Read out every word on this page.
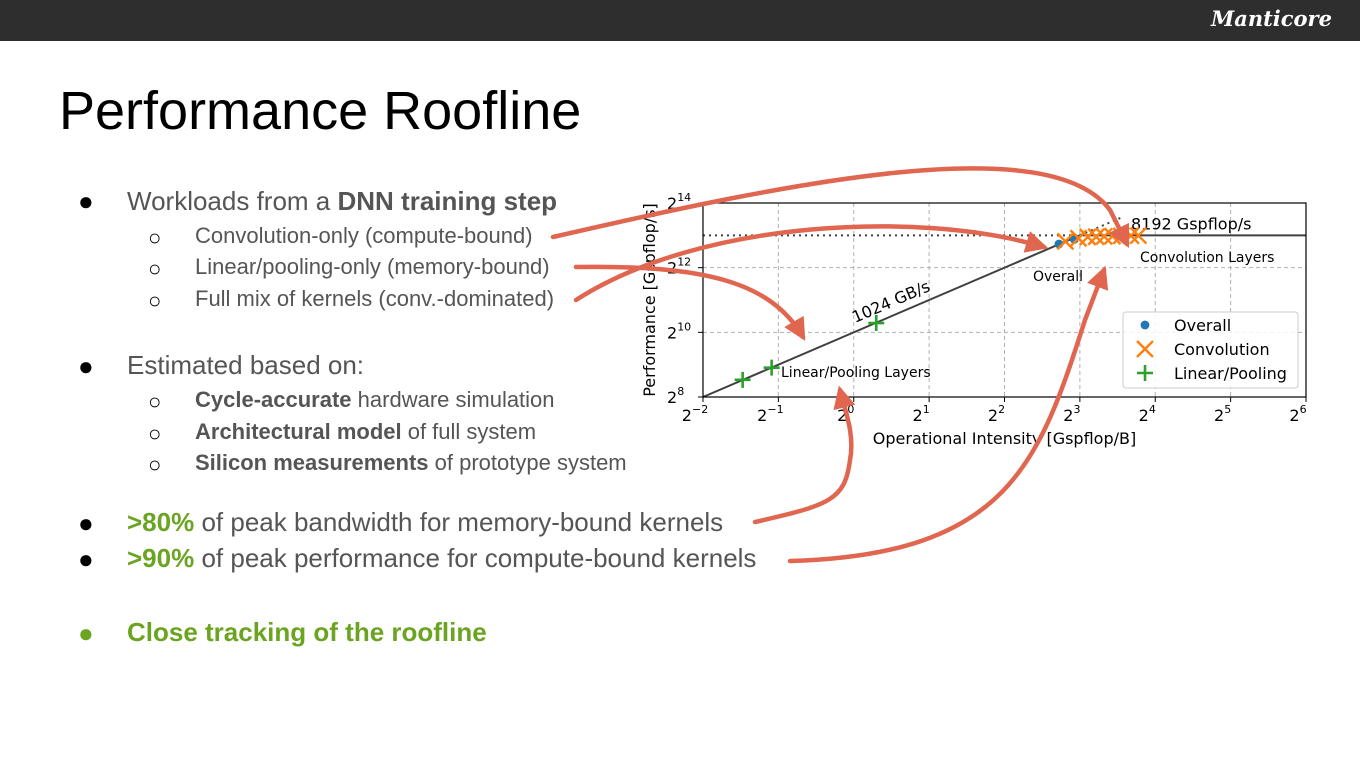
Manticore
Performance Roofline
● Workloads from a DNN training step
○ Convolution-only (compute-bound)
○ Linear/pooling-only (memory-bound)
○ Full mix of kernels (conv.-dominated)
● Estimated based on:
○ Cycle-accurate hardware simulation
○ Architectural model of full system
○ Silicon measurements of prototype system
● >80% of peak bandwidth for memory-bound kernels
● >90% of peak performance for compute-bound kernels
● Close tracking of the roofline
1024 GB/s
8192 Gspflop/s
Convolution Layers
Overall
Linear/Pooling Layers
$2^{-2}$	$2^{-1}$	$2^0$	$2^1$	$2^2$	$2^3$	$2^4$	$2^5$	$2^6$
$2^8$
$2^{10}$
$2^{12}$
$2^{14}$
Operational Intensity [Gspflop/B]
Performance [Gspflop/s]	Overall
Convolution
Linear/Pooling
